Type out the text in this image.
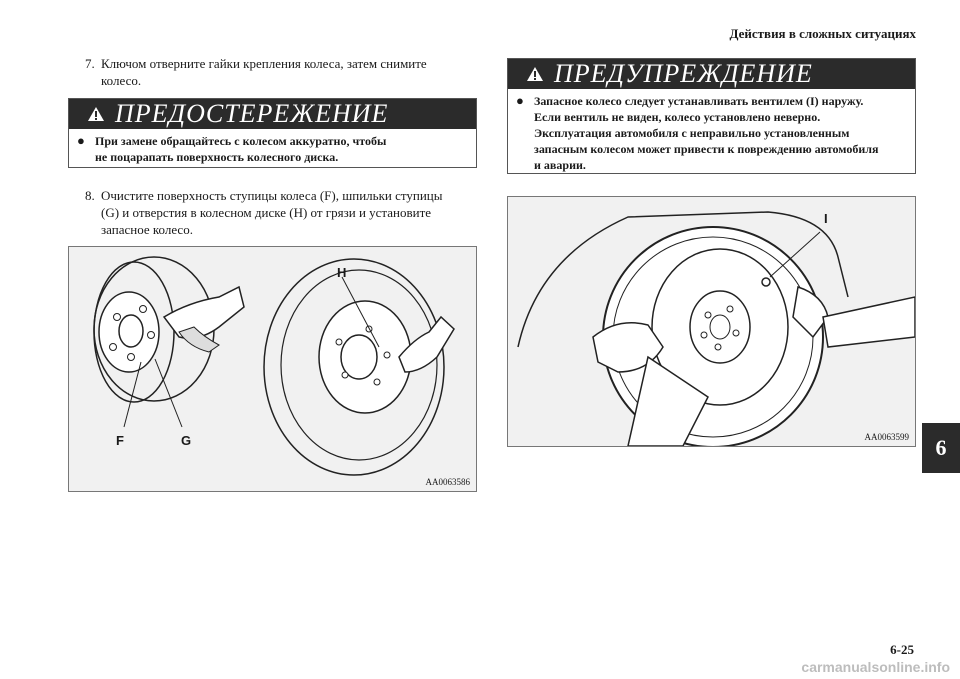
Действия в сложных ситуациях
7. Ключом отверните гайки крепления колеса, затем снимите
колесо.
ПРЕДОСТЕРЕЖЕНИЕ
● При замене обращайтесь с колесом аккуратно, чтобы
не поцарапать поверхность колесного диска.
8. Очистите поверхность ступицы колеса (F), шпильки ступицы
(G) и отверстия в колесном диске (H) от грязи и установите
запасное колесо.
ПРЕДУПРЕЖДЕНИЕ
● Запасное колесо следует устанавливать вентилем (I) наружу.
Если вентиль не виден, колесо установлено неверно.
Эксплуатация автомобиля с неправильно установленным
запасным колесом может привести к повреждению автомобиля
и аварии.
F	G
H
AA0063586
I
AA0063599	6
6-25
carmanualsonline.info
